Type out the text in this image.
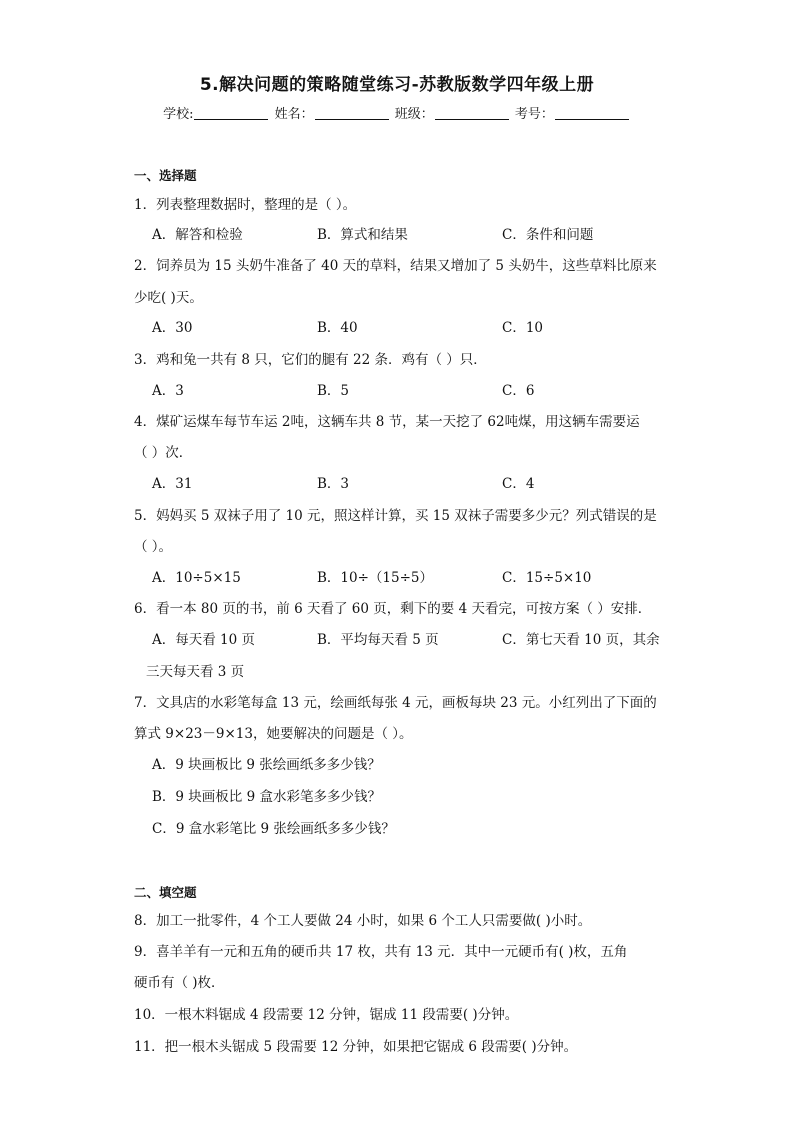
5.解决问题的策略随堂练习-苏教版数学四年级上册
学校:	姓名：	班级：	考号：
一、选择题
1．列表整理数据时，整理的是（ ）。
A．解答和检验	B．算式和结果	C．条件和问题
2．饲养员为 15 头奶牛准备了 40 天的草料，结果又增加了 5 头奶牛，这些草料比原来
少吃( )天。
A．30	B．40	C．10
3．鸡和兔一共有 8 只，它们的腿有 22 条．鸡有（ ）只．
A．3	B．5	C．6
4．煤矿运煤车每节车运 2吨，这辆车共 8 节，某一天挖了 62吨煤，用这辆车需要运
（ ）次．
A．31	B．3	C．4
5．妈妈买 5 双袜子用了 10 元，照这样计算，买 15 双袜子需要多少元？列式错误的是
（ ）。
A．10÷5×15	B．10÷（15÷5）	C．15÷5×10
6．看一本 80 页的书，前 6 天看了 60 页，剩下的要 4 天看完，可按方案（ ）安排．
A．每天看 10 页	B．平均每天看 5 页	C．第七天看 10 页，其余
三天每天看 3 页
7．文具店的水彩笔每盒 13 元，绘画纸每张 4 元，画板每块 23 元。小红列出了下面的
算式 9×23－9×13，她要解决的问题是（ ）。
A．9 块画板比 9 张绘画纸多多少钱？
B．9 块画板比 9 盒水彩笔多多少钱？
C．9 盒水彩笔比 9 张绘画纸多多少钱？
二、填空题
8．加工一批零件，4 个工人要做 24 小时，如果 6 个工人只需要做( )小时。
9．喜羊羊有一元和五角的硬币共 17 枚，共有 13 元．其中一元硬币有( )枚，五角
硬币有（ )枚．
10．一根木料锯成 4 段需要 12 分钟，锯成 11 段需要( )分钟。
11．把一根木头锯成 5 段需要 12 分钟，如果把它锯成 6 段需要( )分钟。
